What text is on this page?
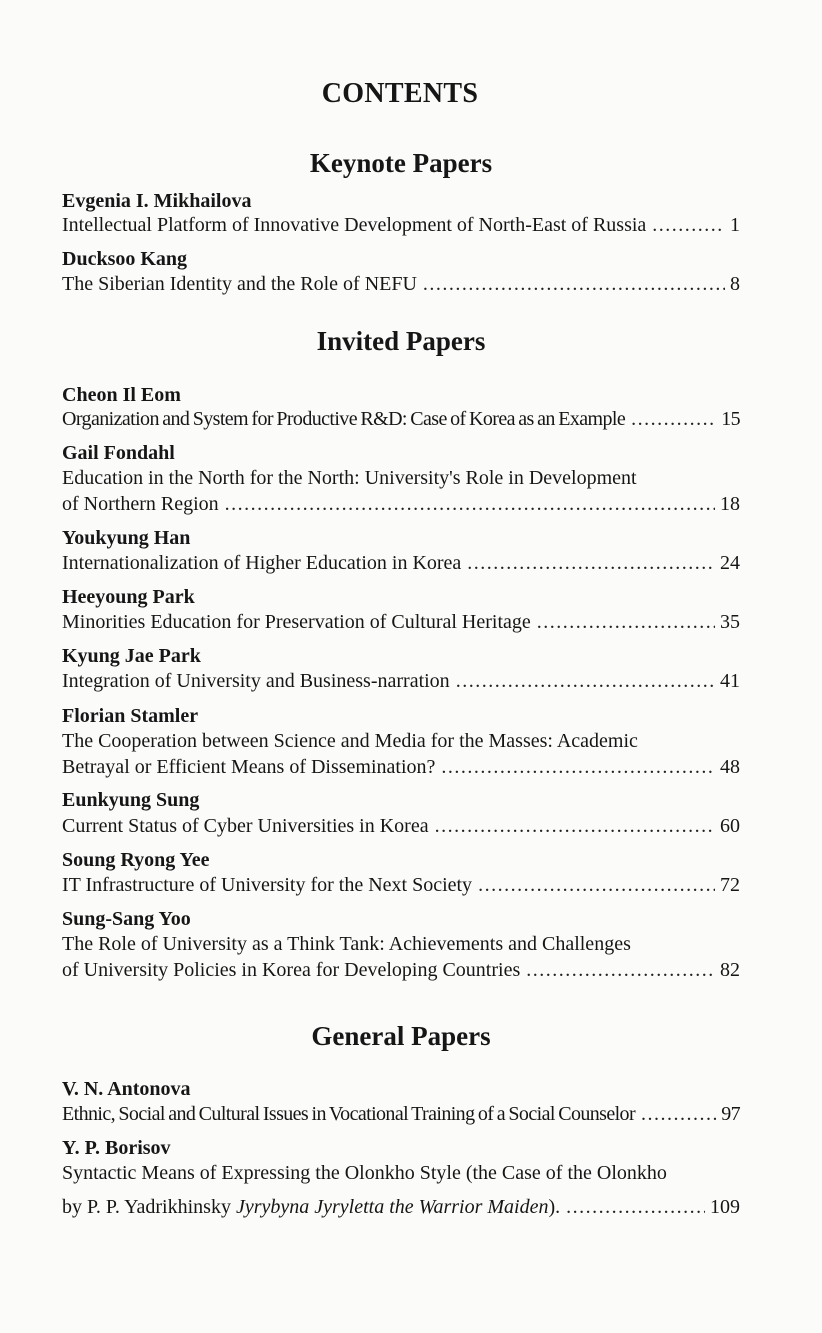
CONTENTS
Keynote Papers
Evgenia I. Mikhailova
Intellectual Platform of Innovative Development of North-East of Russia .....	1
Ducksoo Kang
The Siberian Identity and the Role of NEFU .....	8
Invited Papers
Cheon Il Eom
Organization and System for Productive R&D: Case of Korea as an Example .....	15
Gail Fondahl
Education in the North for the North: University's Role in Development
of Northern Region .....	18
Youkyung Han
Internationalization of Higher Education in Korea .....	24
Heeyoung Park
Minorities Education for Preservation of Cultural Heritage .....	35
Kyung Jae Park
Integration of University and Business-narration .....	41
Florian Stamler
The Cooperation between Science and Media for the Masses: Academic
Betrayal or Efficient Means of Dissemination? .....	48
Eunkyung Sung
Current Status of Cyber Universities in Korea .....	60
Soung Ryong Yee
IT Infrastructure of University for the Next Society .....	72
Sung-Sang Yoo
The Role of University as a Think Tank: Achievements and Challenges
of University Policies in Korea for Developing Countries .....	82
General Papers
V. N. Antonova
Ethnic, Social and Cultural Issues in Vocational Training of a Social Counselor .....	97
Y. P. Borisov
Syntactic Means of Expressing the Olonkho Style (the Case of the Olonkho
by P. P. Yadrikhinsky Jyrybyna Jyryletta the Warrior Maiden). .....	109
